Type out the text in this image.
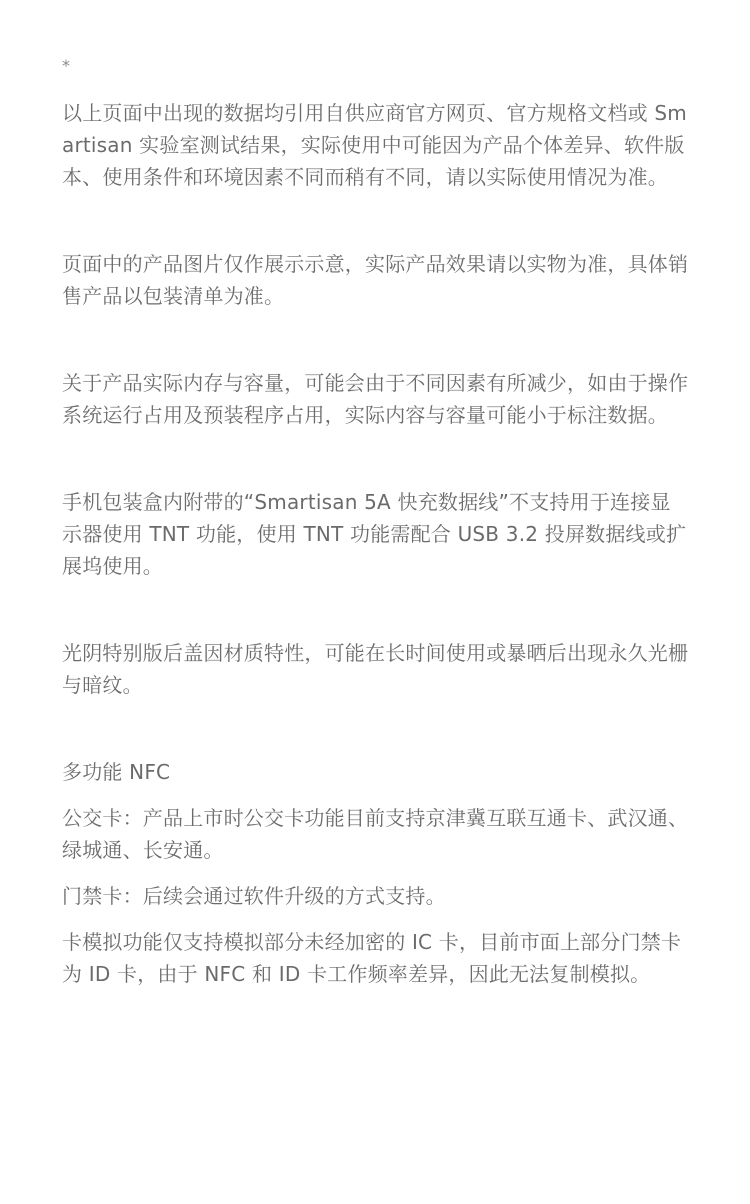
*

以上页面中出现的数据均引用自供应商官方网页、官方规格文档或 Smartisan 实验室测试结果，实际使用中可能因为产品个体差异、软件版本、使用条件和环境因素不同而稍有不同，请以实际使用情况为准。

页面中的产品图片仅作展示示意，实际产品效果请以实物为准，具体销售产品以包装清单为准。

关于产品实际内存与容量，可能会由于不同因素有所减少，如由于操作系统运行占用及预装程序占用，实际内容与容量可能小于标注数据。

手机包装盒内附带的“Smartisan 5A 快充数据线”不支持用于连接显示器使用 TNT 功能，使用 TNT 功能需配合 USB 3.2 投屏数据线或扩展坞使用。

光阴特别版后盖因材质特性，可能在长时间使用或暴晒后出现永久光栅与暗纹。

多功能 NFC

公交卡：产品上市时公交卡功能目前支持京津冀互联互通卡、武汉通、绿城通、长安通。

门禁卡：后续会通过软件升级的方式支持。

卡模拟功能仅支持模拟部分未经加密的 IC 卡，目前市面上部分门禁卡为 ID 卡，由于 NFC 和 ID 卡工作频率差异，因此无法复制模拟。
